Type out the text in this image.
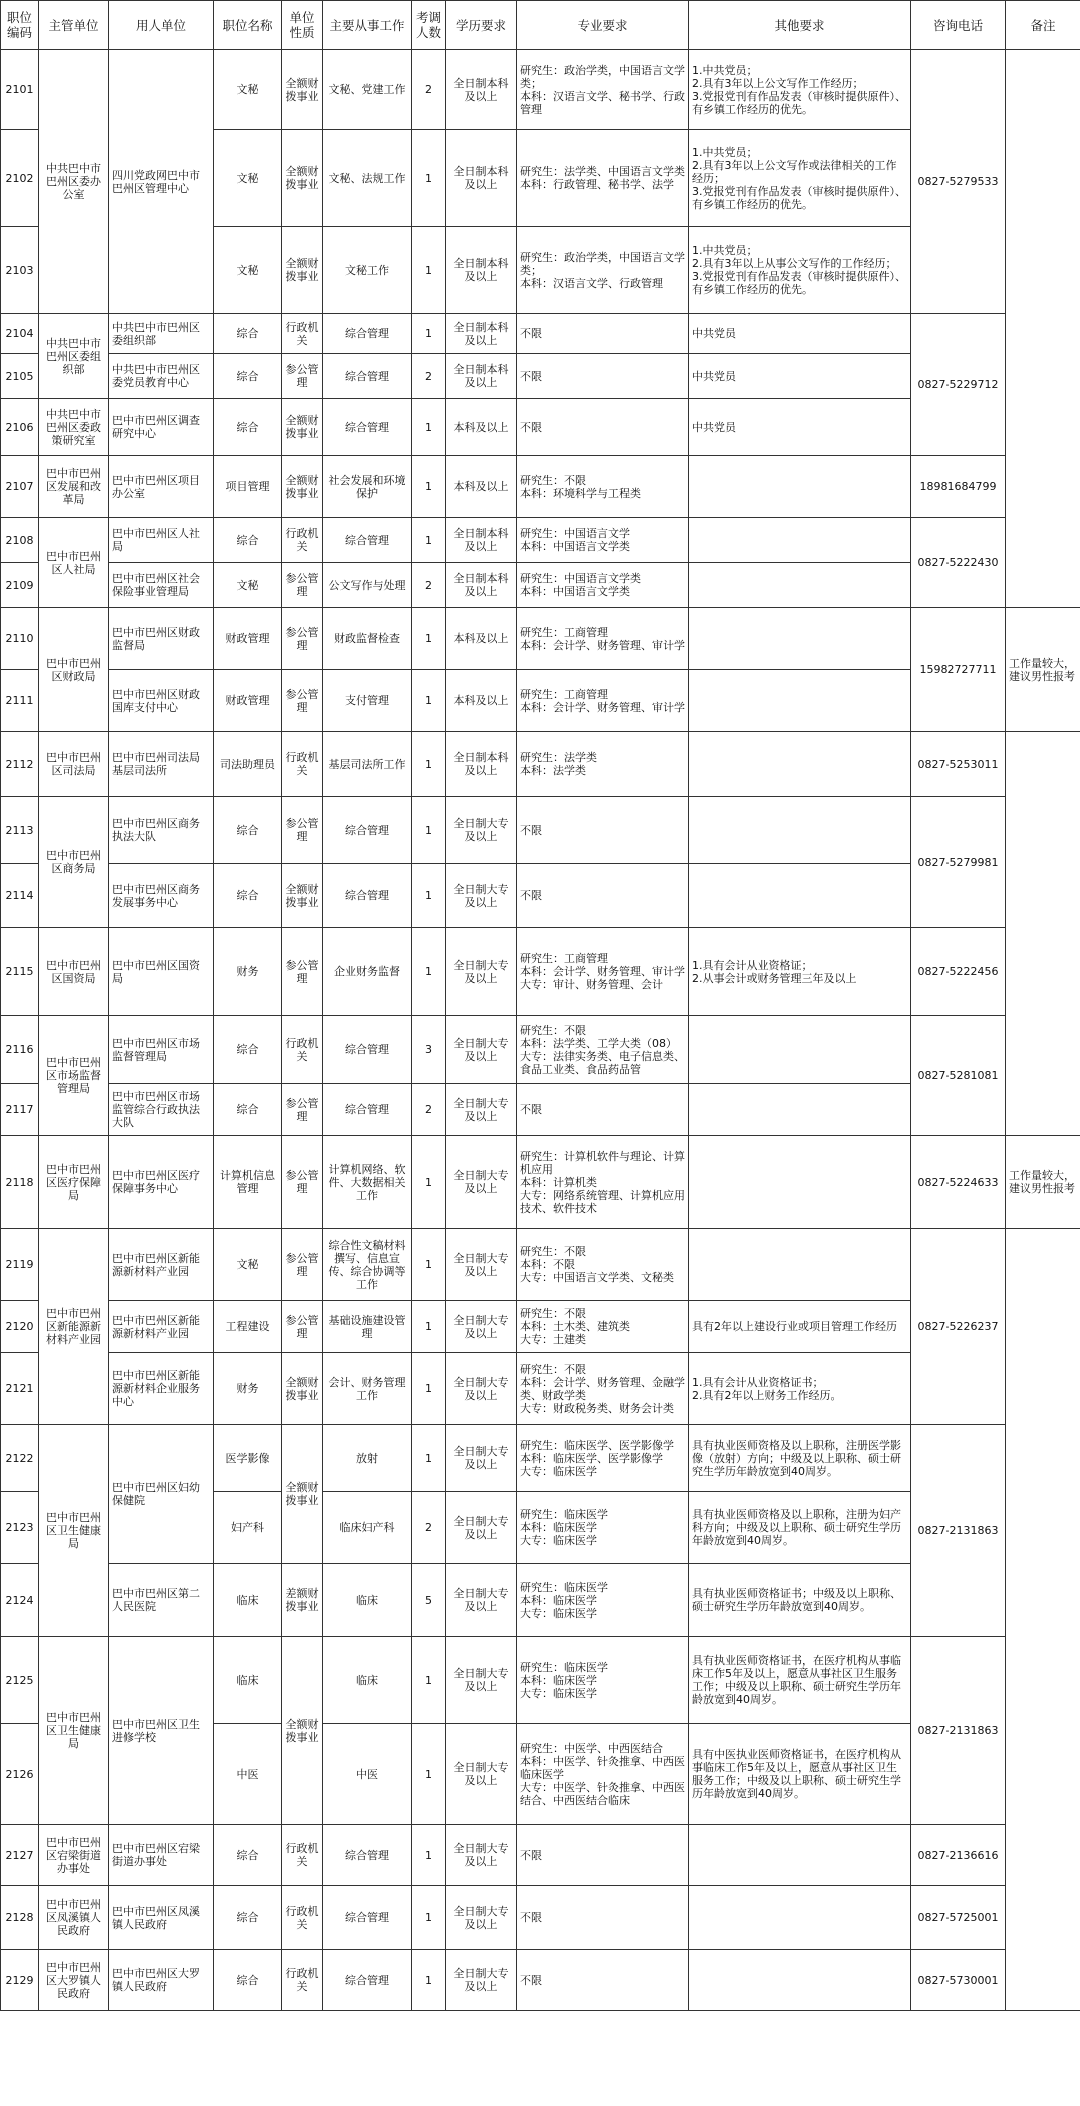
职位编码	主管单位	用人单位	职位名称	单位性质	主要从事工作	考调人数	学历要求	专业要求	其他要求	咨询电话	备注
2101	中共巴中市巴州区委办公室	四川党政网巴中市巴州区管理中心	文秘	全额财拨事业	文秘、党建工作	2	全日制本科及以上	研究生：政治学类，中国语言文学类；
本科：汉语言文学、秘书学、行政管理	1.中共党员；
2.具有3年以上公文写作工作经历；
3.党报党刊有作品发表（审核时提供原件）、有乡镇工作经历的优先。	0827-5279533	
2102			文秘	全额财拨事业	文秘、法规工作	1	全日制本科及以上	研究生：法学类、中国语言文学类
本科：行政管理、秘书学、法学	1.中共党员；
2.具有3年以上公文写作或法律相关的工作经历；
3.党报党刊有作品发表（审核时提供原件）、有乡镇工作经历的优先。		
2103			文秘	全额财拨事业	文秘工作	1	全日制本科及以上	研究生：政治学类，中国语言文学类；
本科：汉语言文学、行政管理	1.中共党员；
2.具有3年以上从事公文写作的工作经历；
3.党报党刊有作品发表（审核时提供原件）、有乡镇工作经历的优先。		
2104	中共巴中市巴州区委组织部	中共巴中市巴州区委组织部	综合	行政机关	综合管理	1	全日制本科及以上	不限	中共党员	0827-5229712	
2105		中共巴中市巴州区委党员教育中心	综合	参公管理	综合管理	2	全日制本科及以上	不限	中共党员		
2106	中共巴中市巴州区委政策研究室	巴中市巴州区调查研究中心	综合	全额财拨事业	综合管理	1	本科及以上	不限	中共党员		
2107	巴中市巴州区发展和改革局	巴中市巴州区项目办公室	项目管理	全额财拨事业	社会发展和环境保护	1	本科及以上	研究生：不限
本科：环境科学与工程类		18981684799	
2108	巴中市巴州区人社局	巴中市巴州区人社局	综合	行政机关	综合管理	1	全日制本科及以上	研究生：中国语言文学
本科：中国语言文学类		0827-5222430	
2109		巴中市巴州区社会保险事业管理局	文秘	参公管理	公文写作与处理	2	全日制本科及以上	研究生：中国语言文学类
本科：中国语言文学类			
2110	巴中市巴州区财政局	巴中市巴州区财政监督局	财政管理	参公管理	财政监督检查	1	本科及以上	研究生：工商管理
本科：会计学、财务管理、审计学		15982727711	工作量较大，建议男性报考
2111		巴中市巴州区财政国库支付中心	财政管理	参公管理	支付管理	1	本科及以上	研究生：工商管理
本科：会计学、财务管理、审计学			
2112	巴中市巴州区司法局	巴中市巴州司法局基层司法所	司法助理员	行政机关	基层司法所工作	1	全日制本科及以上	研究生：法学类
本科：法学类		0827-5253011	
2113	巴中市巴州区商务局	巴中市巴州区商务执法大队	综合	参公管理	综合管理	1	全日制大专及以上	不限		0827-5279981	
2114		巴中市巴州区商务发展事务中心	综合	全额财拨事业	综合管理	1	全日制大专及以上	不限			
2115	巴中市巴州区国资局	巴中市巴州区国资局	财务	参公管理	企业财务监督	1	全日制大专及以上	研究生：工商管理
本科：会计学、财务管理、审计学
大专：审计、财务管理、会计	1.具有会计从业资格证；
2.从事会计或财务管理三年及以上	0827-5222456	
2116	巴中市巴州区市场监督管理局	巴中市巴州区市场监督管理局	综合	行政机关	综合管理	3	全日制大专及以上	研究生：不限
本科：法学类、工学大类（08）
大专：法律实务类、电子信息类、食品工业类、食品药品管		0827-5281081	
2117		巴中市巴州区市场监管综合行政执法大队	综合	参公管理	综合管理	2	全日制大专及以上	不限			
2118	巴中市巴州区医疗保障局	巴中市巴州区医疗保障事务中心	计算机信息管理	参公管理	计算机网络、软件、大数据相关工作	1	全日制大专及以上	研究生：计算机软件与理论、计算机应用
本科：计算机类
大专：网络系统管理、计算机应用技术、软件技术		0827-5224633	工作量较大，建议男性报考
2119	巴中市巴州区新能源新材料产业园	巴中市巴州区新能源新材料产业园	文秘	参公管理	综合性文稿材料撰写、信息宣传、综合协调等工作	1	全日制大专及以上	研究生：不限
本科：不限
大专：中国语言文学类、文秘类		0827-5226237	
2120		巴中市巴州区新能源新材料产业园	工程建设	参公管理	基础设施建设管理	1	全日制大专及以上	研究生：不限
本科：土木类、建筑类
大专：土建类	具有2年以上建设行业或项目管理工作经历		
2121		巴中市巴州区新能源新材料企业服务中心	财务	全额财拨事业	会计、财务管理工作	1	全日制大专及以上	研究生：不限
本科：会计学、财务管理、金融学类、财政学类
大专：财政税务类、财务会计类	1.具有会计从业资格证书；
2.具有2年以上财务工作经历。		
2122	巴中市巴州区卫生健康局	巴中市巴州区妇幼保健院	医学影像	全额财拨事业	放射	1	全日制大专及以上	研究生：临床医学、医学影像学
本科：临床医学、医学影像学
大专：临床医学	具有执业医师资格及以上职称，注册医学影像（放射）方向；中级及以上职称、硕士研究生学历年龄放宽到40周岁。	0827-2131863	
2123			妇产科		临床妇产科	2	全日制大专及以上	研究生：临床医学
本科：临床医学
大专：临床医学	具有执业医师资格及以上职称，注册为妇产科方向；中级及以上职称、硕士研究生学历年龄放宽到40周岁。		
2124		巴中市巴州区第二人民医院	临床	差额财拨事业	临床	5	全日制大专及以上	研究生：临床医学
本科：临床医学
大专：临床医学	具有执业医师资格证书；中级及以上职称、硕士研究生学历年龄放宽到40周岁。		
2125	巴中市巴州区卫生健康局	巴中市巴州区卫生进修学校	临床	全额财拨事业	临床	1	全日制大专及以上	研究生：临床医学
本科：临床医学
大专：临床医学	具有执业医师资格证书，在医疗机构从事临床工作5年及以上，愿意从事社区卫生服务工作；中级及以上职称、硕士研究生学历年龄放宽到40周岁。	0827-2131863	
2126			中医		中医	1	全日制大专及以上	研究生：中医学、中西医结合
本科：中医学、针灸推拿、中西医临床医学
大专：中医学、针灸推拿、中西医结合、中西医结合临床	具有中医执业医师资格证书，在医疗机构从事临床工作5年及以上，愿意从事社区卫生服务工作；中级及以上职称、硕士研究生学历年龄放宽到40周岁。		
2127	巴中市巴州区宕梁街道办事处	巴中市巴州区宕梁街道办事处	综合	行政机关	综合管理	1	全日制大专及以上	不限		0827-2136616	
2128	巴中市巴州区凤溪镇人民政府	巴中市巴州区凤溪镇人民政府	综合	行政机关	综合管理	1	全日制大专及以上	不限		0827-5725001	
2129	巴中市巴州区大罗镇人民政府	巴中市巴州区大罗镇人民政府	综合	行政机关	综合管理	1	全日制大专及以上	不限		0827-5730001	
